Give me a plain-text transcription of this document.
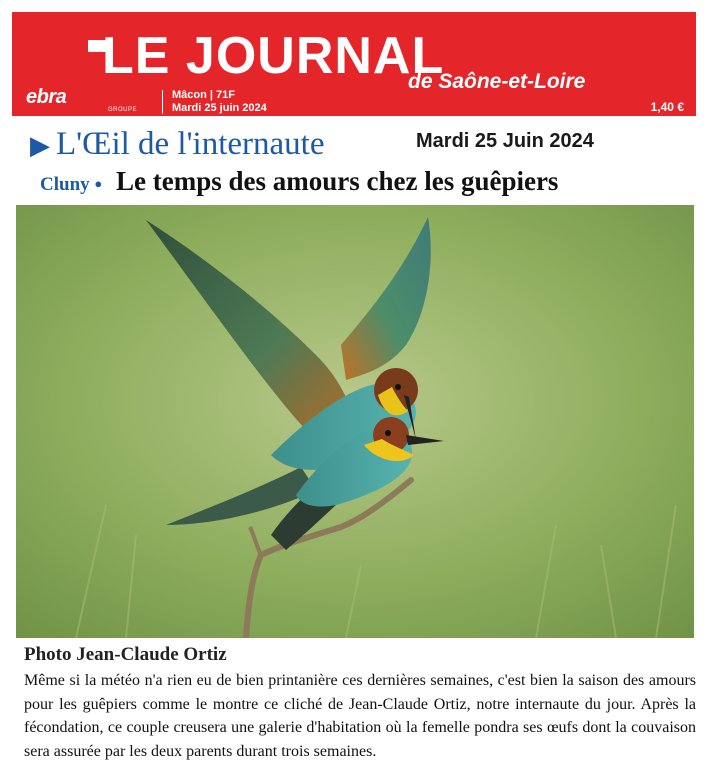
LE JOURNAL
de Saône-et-Loire
ebra
GROUPE
Mâcon | 71F
Mardi 25 juin 2024	1,40 €
▶ L'Œil de l'internaute	Mardi 25 Juin 2024
Cluny ● Le temps des amours chez les guêpiers
Photo Jean-Claude Ortiz
Même si la météo n'a rien eu de bien printanière ces dernières semaines, c'est bien la saison des amours pour les guêpiers comme le montre ce cliché de Jean-Claude Ortiz, notre internaute du jour. Après la fécondation, ce couple creusera une galerie d'habitation où la femelle pondra ses œufs dont la couvaison sera assurée par les deux parents durant trois semaines.
